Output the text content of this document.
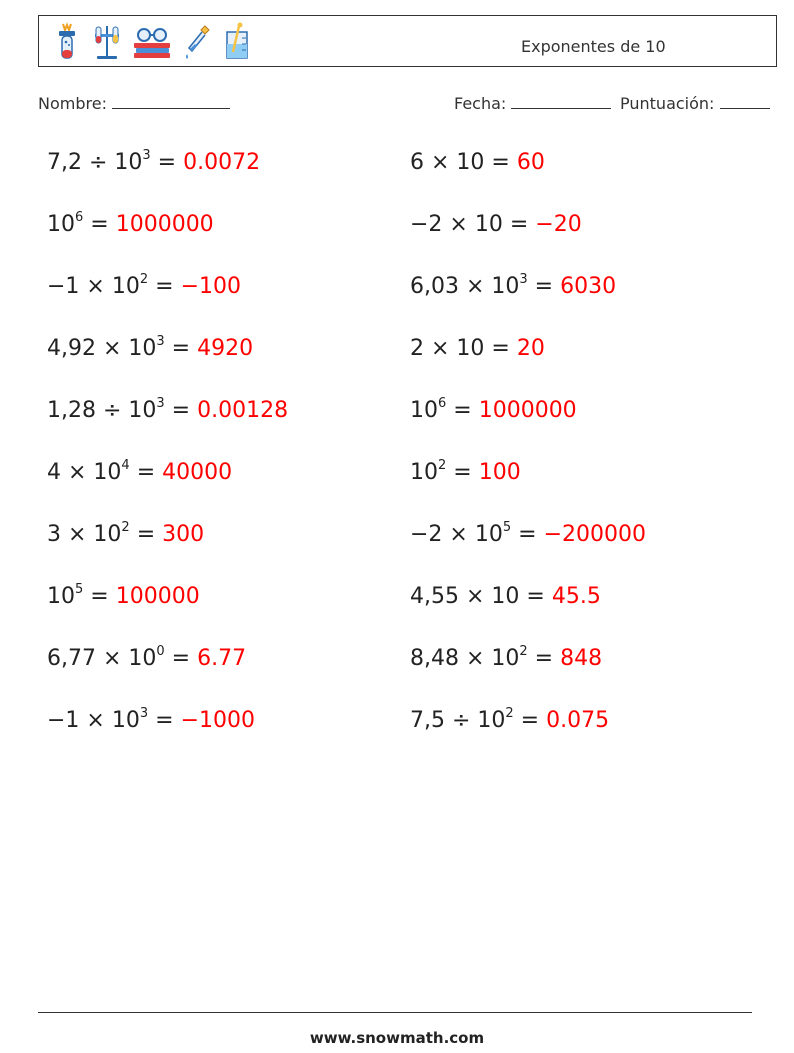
Exponentes de 10
Nombre:	Fecha:	Puntuación:
$7,2 \div 10^3 = 0.0072$	6 × 10 = 60
$10^6 = 1000000$	−2 × 10 = −20
$-1 \times 10^2 = -100$	$6,03 \times 10^3 = 6030$
$4,92 \times 10^3 = 4920$	2 × 10 = 20
$1,28 \div 10^3 = 0.00128$	$10^6 = 1000000$
$4 \times 10^4 = 40000$	$10^2 = 100$
$3 \times 10^2 = 300$	$-2 \times 10^5 = -200000$
$10^5 = 100000$	4,55 × 10 = 45.5
$6,77 \times 10^0 = 6.77$	$8,48 \times 10^2 = 848$
$-1 \times 10^3 = -1000$	$7,5 \div 10^2 = 0.075$
www.snowmath.com
